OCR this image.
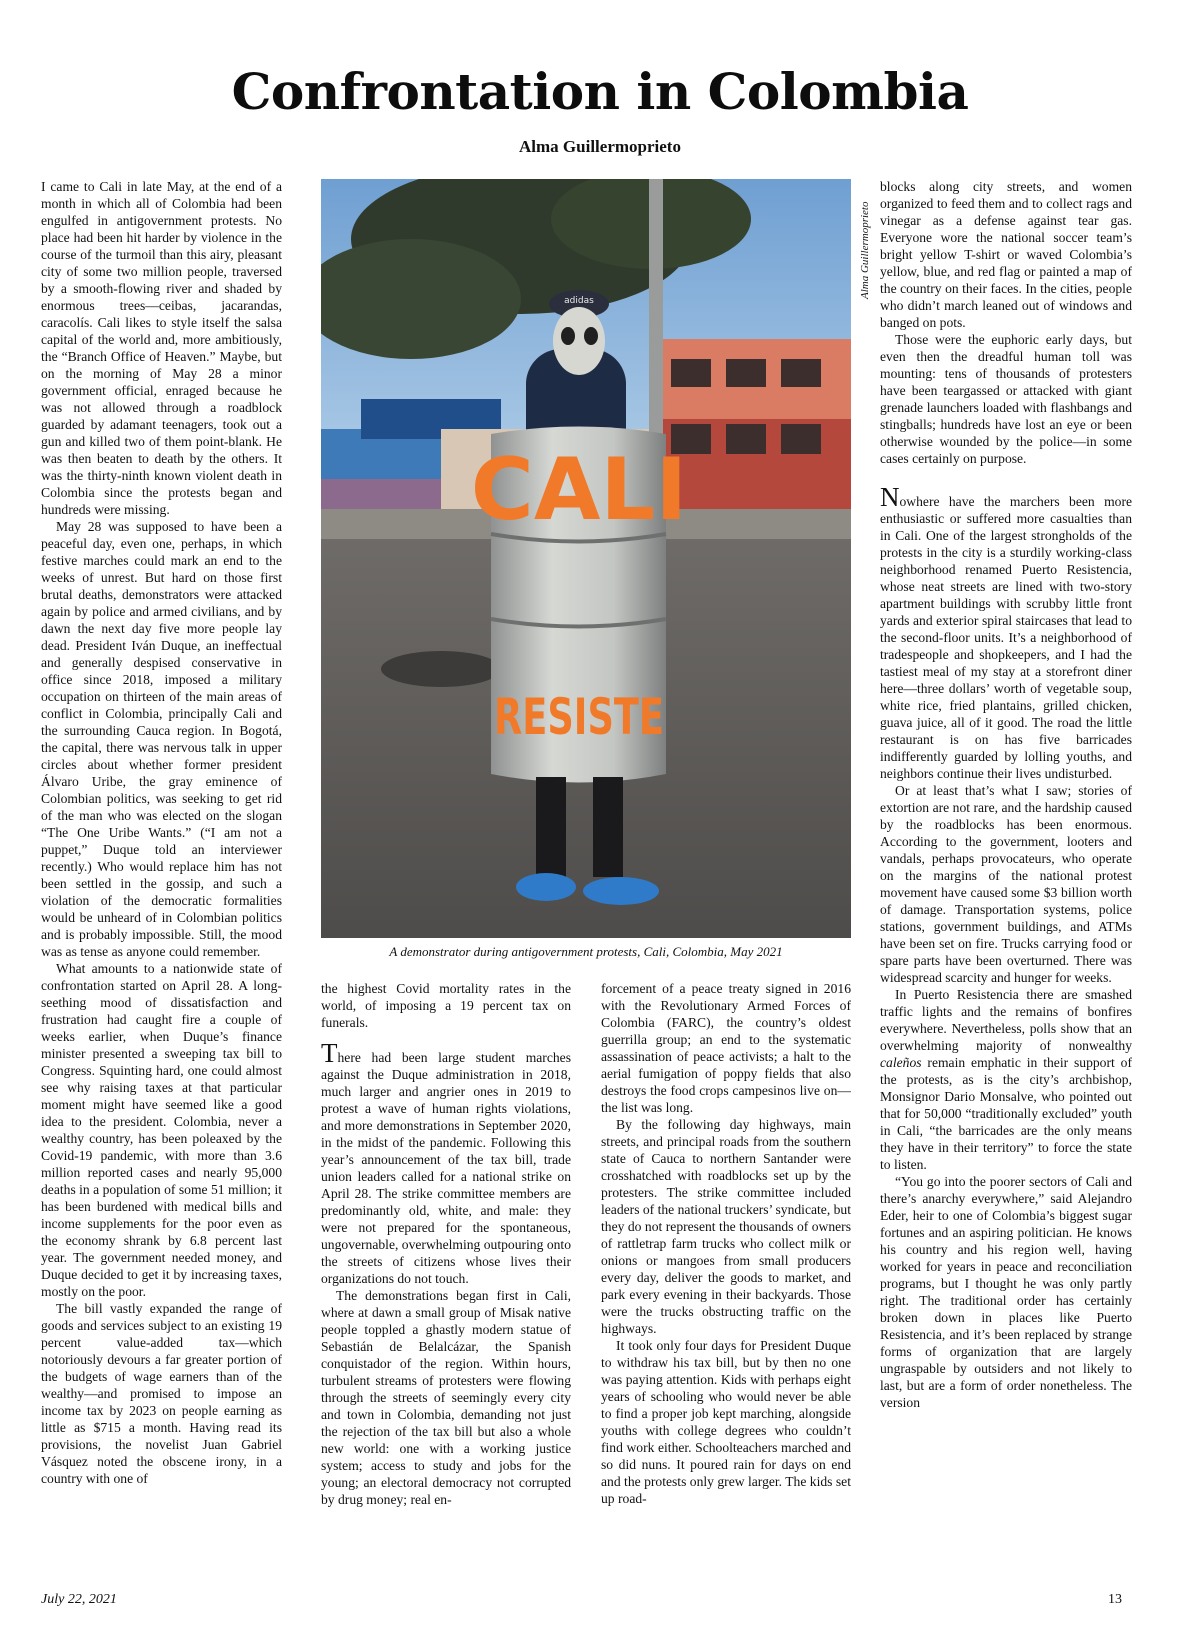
Confrontation in Colombia
Alma Guillermoprieto

I came to Cali in late May, at the end of a month in which all of Colombia had been engulfed in antigovernment protests. No place had been hit harder by violence in the course of the turmoil than this airy, pleasant city of some two million people, traversed by a smooth-flowing river and shaded by enormous trees—ceibas, jacarandas, caracolís. Cali likes to style itself the salsa capital of the world and, more ambitiously, the “Branch Office of Heaven.” Maybe, but on the morning of May 28 a minor government official, enraged because he was not allowed through a roadblock guarded by adamant teenagers, took out a gun and killed two of them point-blank. He was then beaten to death by the others. It was the thirty-ninth known violent death in Colombia since the protests began and hundreds were missing.

May 28 was supposed to have been a peaceful day, even one, perhaps, in which festive marches could mark an end to the weeks of unrest. But hard on those first brutal deaths, demonstrators were attacked again by police and armed civilians, and by dawn the next day five more people lay dead. President Iván Duque, an ineffectual and generally despised conservative in office since 2018, imposed a military occupation on thirteen of the main areas of conflict in Colombia, principally Cali and the surrounding Cauca region. In Bogotá, the capital, there was nervous talk in upper circles about whether former president Álvaro Uribe, the gray eminence of Colombian politics, was seeking to get rid of the man who was elected on the slogan “The One Uribe Wants.” (“I am not a puppet,” Duque told an interviewer recently.) Who would replace him has not been settled in the gossip, and such a violation of the democratic formalities would be unheard of in Colombian politics and is probably impossible. Still, the mood was as tense as anyone could remember.

What amounts to a nationwide state of confrontation started on April 28. A long-seething mood of dissatisfaction and frustration had caught fire a couple of weeks earlier, when Duque’s finance minister presented a sweeping tax bill to Congress. Squinting hard, one could almost see why raising taxes at that particular moment might have seemed like a good idea to the president. Colombia, never a wealthy country, has been poleaxed by the Covid-19 pandemic, with more than 3.6 million reported cases and nearly 95,000 deaths in a population of some 51 million; it has been burdened with medical bills and income supplements for the poor even as the economy shrank by 6.8 percent last year. The government needed money, and Duque decided to get it by increasing taxes, mostly on the poor.

The bill vastly expanded the range of goods and services subject to an existing 19 percent value-added tax—which notoriously devours a far greater portion of the budgets of wage earners than of the wealthy—and promised to impose an income tax by 2023 on people earning as little as $715 a month. Having read its provisions, the novelist Juan Gabriel Vásquez noted the obscene irony, in a country with one of

CALI
RESISTE
adidas
Alma Guillermoprieto
A demonstrator during antigovernment protests, Cali, Colombia, May 2021

the highest Covid mortality rates in the world, of imposing a 19 percent tax on funerals.

There had been large student marches against the Duque administration in 2018, much larger and angrier ones in 2019 to protest a wave of human rights violations, and more demonstrations in September 2020, in the midst of the pandemic. Following this year’s announcement of the tax bill, trade union leaders called for a national strike on April 28. The strike committee members are predominantly old, white, and male: they were not prepared for the spontaneous, ungovernable, overwhelming outpouring onto the streets of citizens whose lives their organizations do not touch.

The demonstrations began first in Cali, where at dawn a small group of Misak native people toppled a ghastly modern statue of Sebastián de Belalcázar, the Spanish conquistador of the region. Within hours, turbulent streams of protesters were flowing through the streets of seemingly every city and town in Colombia, demanding not just the rejection of the tax bill but also a whole new world: one with a working justice system; access to study and jobs for the young; an electoral democracy not corrupted by drug money; real en-

forcement of a peace treaty signed in 2016 with the Revolutionary Armed Forces of Colombia (FARC), the country’s oldest guerrilla group; an end to the systematic assassination of peace activists; a halt to the aerial fumigation of poppy fields that also destroys the food crops campesinos live on—the list was long.

By the following day highways, main streets, and principal roads from the southern state of Cauca to northern Santander were crosshatched with roadblocks set up by the protesters. The strike committee included leaders of the national truckers’ syndicate, but they do not represent the thousands of owners of rattletrap farm trucks who collect milk or onions or mangoes from small producers every day, deliver the goods to market, and park every evening in their backyards. Those were the trucks obstructing traffic on the highways.

It took only four days for President Duque to withdraw his tax bill, but by then no one was paying attention. Kids with perhaps eight years of schooling who would never be able to find a proper job kept marching, alongside youths with college degrees who couldn’t find work either. Schoolteachers marched and so did nuns. It poured rain for days on end and the protests only grew larger. The kids set up road-

blocks along city streets, and women organized to feed them and to collect rags and vinegar as a defense against tear gas. Everyone wore the national soccer team’s bright yellow T-shirt or waved Colombia’s yellow, blue, and red flag or painted a map of the country on their faces. In the cities, people who didn’t march leaned out of windows and banged on pots.

Those were the euphoric early days, but even then the dreadful human toll was mounting: tens of thousands of protesters have been teargassed or attacked with giant grenade launchers loaded with flashbangs and stingballs; hundreds have lost an eye or been otherwise wounded by the police—in some cases certainly on purpose.

Nowhere have the marchers been more enthusiastic or suffered more casualties than in Cali. One of the largest strongholds of the protests in the city is a sturdily working-class neighborhood renamed Puerto Resistencia, whose neat streets are lined with two-story apartment buildings with scrubby little front yards and exterior spiral staircases that lead to the second-floor units. It’s a neighborhood of tradespeople and shopkeepers, and I had the tastiest meal of my stay at a storefront diner here—three dollars’ worth of vegetable soup, white rice, fried plantains, grilled chicken, guava juice, all of it good. The road the little restaurant is on has five barricades indifferently guarded by lolling youths, and neighbors continue their lives undisturbed.

Or at least that’s what I saw; stories of extortion are not rare, and the hardship caused by the roadblocks has been enormous. According to the government, looters and vandals, perhaps provocateurs, who operate on the margins of the national protest movement have caused some $3 billion worth of damage. Transportation systems, police stations, government buildings, and ATMs have been set on fire. Trucks carrying food or spare parts have been overturned. There was widespread scarcity and hunger for weeks.

In Puerto Resistencia there are smashed traffic lights and the remains of bonfires everywhere. Nevertheless, polls show that an overwhelming majority of nonwealthy caleños remain emphatic in their support of the protests, as is the city’s archbishop, Monsignor Dario Monsalve, who pointed out that for 50,000 “traditionally excluded” youth in Cali, “the barricades are the only means they have in their territory” to force the state to listen.

“You go into the poorer sectors of Cali and there’s anarchy everywhere,” said Alejandro Eder, heir to one of Colombia’s biggest sugar fortunes and an aspiring politician. He knows his country and his region well, having worked for years in peace and reconciliation programs, but I thought he was only partly right. The traditional order has certainly broken down in places like Puerto Resistencia, and it’s been replaced by strange forms of organization that are largely ungraspable by outsiders and not likely to last, but are a form of order nonetheless. The version

July 22, 2021	13
